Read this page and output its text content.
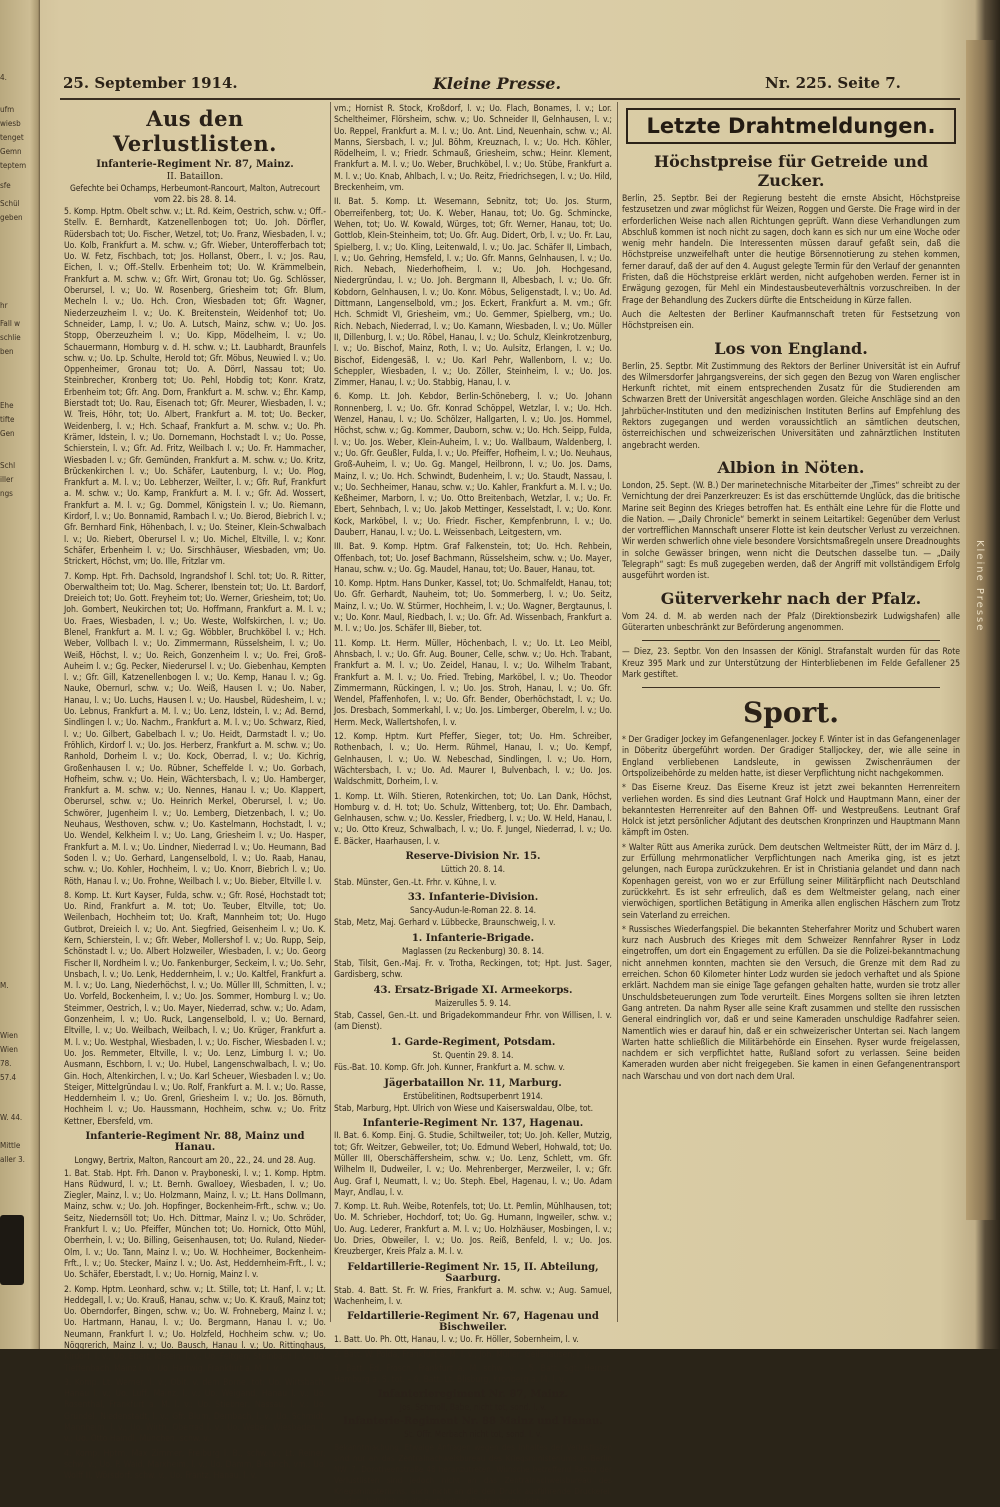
4.
ufm
wiesb
tenget
Gemn
teptem
sfe
Schül
geben
hr
Fall w
schlie
ben
Ehe
tifte
Gen
Schl
iller
ngs
M.
Wien
Wien
78.
57.4
W. 44.
Mittle
aller 3.
Kleine Presse
25. September 1914.	Kleine Presse.	Nr. 225. Seite 7.
Aus den Verlustlisten.
Infanterie-Regiment Nr. 87, Mainz.
II. Bataillon.
Gefechte bei Ochamps, Herbeumont-Rancourt, Malton, Autrecourt vom 22. bis 28. 8. 14.

5. Komp. Hptm. Obelt schw. v.; Lt. Rd. Keim, Oestrich, schw. v.; Off.-Stellv. E. Bernhardt, Katzenellenbogen tot; Uo. Joh. Dörfler, Rüdersbach tot; Uo. Fischer, Wetzel, tot; Uo. Franz, Wiesbaden, l. v.; Uo. Kolb, Frankfurt a. M. schw. v.; Gfr. Wieber, Unterofferbach tot; Uo. W. Fetz, Fischbach, tot; Jos. Hollanst, Oberr., l. v.; Jos. Rau, Eichen, l. v.; Off.-Stellv. Erbenheim tot; Uo. W. Krämmelbein, Frankfurt a. M. schw. v.; Gfr. Wirt, Gronau tot; Uo. Gg. Schlösser, Oberursel, l. v.; Uo. W. Rosenberg, Griesheim tot; Gfr. Blum, Mecheln l. v.; Uo. Hch. Cron, Wiesbaden tot; Gfr. Wagner, Niederzeuzheim l. v.; Uo. K. Breitenstein, Weidenhof tot; Uo. Schneider, Lamp, l. v.; Uo. A. Lutsch, Mainz, schw. v.; Uo. Jos. Stopp, Oberzeuzheim l. v.; Uo. Kipp, Mödelheim, l. v.; Uo. Schauermann, Homburg v. d. H. schw. v.; Lt. Laubhardt, Braunfels schw. v.; Uo. Lp. Schulte, Herold tot; Gfr. Möbus, Neuwied l. v.; Uo. Oppenheimer, Gronau tot; Uo. A. Dörrl, Nassau tot; Uo. Steinbrecher, Kronberg tot; Uo. Pehl, Hobdig tot; Konr. Kratz, Erbenheim tot; Gfr. Ang. Dorn, Frankfurt a. M. schw. v.; Ehr. Kamp, Bierstadt tot; Uo. Rau, Eisenach tot; Gfr. Meurer, Wiesbaden, l. v.; W. Treis, Höhr, tot; Uo. Albert, Frankfurt a. M. tot; Uo. Becker, Weidenberg, l. v.; Hch. Schaaf, Frankfurt a. M. schw. v.; Uo. Ph. Krämer, Idstein, l. v.; Uo. Dornemann, Hochstadt l. v.; Uo. Posse, Schierstein, l. v.; Gfr. Ad. Fritz, Weilbach l. v.; Uo. Fr. Hammacher, Wiesbaden l. v.; Gfr. Gemünden, Frankfurt a. M. schw. v.; Uo. Kritz, Brückenkirchen l. v.; Uo. Schäfer, Lautenburg, l. v.; Uo. Plog, Frankfurt a. M. l. v.; Uo. Lebherzer, Weilter, l. v.; Gfr. Ruf, Frankfurt a. M. schw. v.; Uo. Kamp, Frankfurt a. M. l. v.; Gfr. Ad. Wossert, Frankfurt a. M. l. v.; Gg. Dommel, Königstein l. v.; Uo. Riemann, Kirdorf, l. v.; Uo. Bonnamid, Rambach l. v.; Uo. Bierod, Biebrich l. v.; Gfr. Bernhard Fink, Höhenbach, l. v.; Uo. Steiner, Klein-Schwalbach l. v.; Uo. Riebert, Oberursel l. v.; Uo. Michel, Eltville, l. v.; Konr. Schäfer, Erbenheim l. v.; Uo. Sirschhäuser, Wiesbaden, vm; Uo. Strickert, Höchst, vm; Uo. Ille, Fritzlar vm.

7. Komp. Hpt. Frh. Dachsold, Ingrandshof l. Schl. tot; Uo. R. Ritter, Oberwaltheim tot; Uo. Mag. Scherer, Ibenstein tot; Uo. Lt. Bardorf, Dreieich tot; Uo. Gott. Freyheim tot; Uo. Werner, Griesheim, tot; Uo. Joh. Gombert, Neukirchen tot; Uo. Hoffmann, Frankfurt a. M. l. v.; Uo. Fraes, Wiesbaden, l. v.; Uo. Weste, Wolfskirchen, l. v.; Uo. Blenel, Frankfurt a. M. l. v.; Gg. Wöbbler, Bruchköbel l. v.; Hch. Weber, Vollbach l. v.; Uo. Zimmermann, Rüsselsheim, l. v.; Uo. Weiß, Höchst, l. v.; Uo. Reich, Gonzenheim l. v.; Uo. Frei, Groß-Auheim l. v.; Gg. Pecker, Niederursel l. v.; Uo. Giebenhau, Kempten l. v.; Gfr. Gill, Katzenellenbogen l. v.; Uo. Kemp, Hanau l. v.; Gg. Nauke, Obernurl, schw. v.; Uo. Weiß, Hausen l. v.; Uo. Naber, Hanau, l. v.; Uo. Luchs, Hausen l. v.; Uo. Hausbel, Rüdesheim, l. v.; Uo. Lebnus, Frankfurt a. M. l. v.; Uo. Lenz, Idstein, l. v.; Ad. Bernd, Sindlingen l. v.; Uo. Nachm., Frankfurt a. M. l. v.; Uo. Schwarz, Ried, l. v.; Uo. Gilbert, Gabelbach l. v.; Uo. Heidt, Darmstadt l. v.; Uo. Fröhlich, Kirdorf l. v.; Uo. Jos. Herberz, Frankfurt a. M. schw. v.; Uo. Ranhold, Dorheim l. v.; Uo. Kock, Oberrad, l. v.; Uo. Kichrig, Großenhausen l. v.; Uo. Rübner, Scheffelde l. v.; Uo. Gorbach, Hofheim, schw. v.; Uo. Hein, Wächtersbach, l. v.; Uo. Hamberger, Frankfurt a. M. schw. v.; Uo. Nennes, Hanau l. v.; Uo. Klappert, Oberursel, schw. v.; Uo. Heinrich Merkel, Oberursel, l. v.; Uo. Schwörer, Jugenheim l. v.; Uo. Lemberg, Dietzenbach, l. v.; Uo. Neuhaus, Westhoven, schw. v.; Uo. Kastelmann, Hochstadt, l. v.; Uo. Wendel, Kelkheim l. v.; Uo. Lang, Griesheim l. v.; Uo. Hasper, Frankfurt a. M. l. v.; Uo. Lindner, Niederrad l. v.; Uo. Heumann, Bad Soden l. v.; Uo. Gerhard, Langenselbold, l. v.; Uo. Raab, Hanau, schw. v.; Uo. Kohler, Hochheim, l. v.; Uo. Knorr, Biebrich l. v.; Uo. Röth, Hanau l. v.; Uo. Frohne, Weilbach l. v.; Uo. Bieber, Eltville l. v.

8. Komp. Lt. Kurt Kayser, Fulda, schw. v.; Gfr. Rosé, Hochstadt tot; Uo. Rind, Frankfurt a. M. tot; Uo. Teuber, Eltville, tot; Uo. Weilenbach, Hochheim tot; Uo. Kraft, Mannheim tot; Uo. Hugo Gutbrot, Dreieich l. v.; Uo. Ant. Siegfried, Geisenheim l. v.; Uo. K. Kern, Schierstein, l. v.; Gfr. Weber, Mollershof l. v.; Uo. Rupp, Seip, Schönstadt l. v.; Uo. Albert Holzweiler, Wiesbaden, l. v.; Uo. Georg Fischer II, Nordheim l. v.; Uo. Fankenburger, Seckeim, l. v.; Uo. Sehr, Unsbach, l. v.; Uo. Lenk, Heddernheim, l. v.; Uo. Kaltfel, Frankfurt a. M. l. v.; Uo. Lang, Niederhöchst, l. v.; Uo. Müller III, Schmitten, l. v.; Uo. Vorfeld, Bockenheim, l. v.; Uo. Jos. Sommer, Homburg l. v.; Uo. Steimmer, Oestrich, l. v.; Uo. Mayer, Niederrad, schw. v.; Uo. Adam, Gonzenheim, l. v.; Uo. Ruck, Langenselbold, l. v.; Uo. Bernard, Eltville, l. v.; Uo. Weilbach, Weilbach, l. v.; Uo. Krüger, Frankfurt a. M. l. v.; Uo. Westphal, Wiesbaden, l. v.; Uo. Fischer, Wiesbaden l. v.; Uo. Jos. Remmeter, Eltville, l. v.; Uo. Lenz, Limburg l. v.; Uo. Ausmann, Eschborn, l. v.; Uo. Hubel, Langenschwalbach, l. v.; Uo. Gin. Hoch, Altenkirchen, l. v.; Uo. Karl Scheuer, Wiesbaden l. v.; Uo. Steiger, Mittelgründau l. v.; Uo. Rolf, Frankfurt a. M. l. v.; Uo. Rasse, Heddernheim l. v.; Uo. Grenl, Griesheim l. v.; Uo. Jos. Börnuth, Hochheim l. v.; Uo. Haussmann, Hochheim, schw. v.; Uo. Fritz Kettner, Ebersfeld, vm.

Infanterie-Regiment Nr. 88, Mainz und Hanau.
Longwy, Bertrix, Malton, Rancourt am 20., 22., 24. und 28. Aug.

1. Bat. Stab. Hpt. Frh. Danon v. Prayboneski, l. v.; 1. Komp. Hptm. Hans Rüdwurd, l. v.; Lt. Bernh. Gwalloey, Wiesbaden, l. v.; Uo. Ziegler, Mainz, l. v.; Uo. Holzmann, Mainz, l. v.; Lt. Hans Dollmann, Mainz, schw. v.; Uo. Joh. Hopfinger, Bockenheim-Frft., schw. v.; Uo. Seitz, Niedernsöll tot; Uo. Hch. Dittmar, Mainz l. v.; Uo. Schröder, Frankfurt l. v.; Uo. Pfeiffer, München tot; Uo. Hornick, Otto Mühl, Oberrhein, l. v.; Uo. Billing, Geisenhausen, tot; Uo. Ruland, Nieder-Olm, l. v.; Uo. Tann, Mainz l. v.; Uo. W. Hochheimer, Bockenheim-Frft., l. v.; Uo. Stecker, Mainz l. v.; Uo. Ast, Heddernheim-Frft., l. v.; Uo. Schäfer, Eberstadt, l. v.; Uo. Hornig, Mainz l. v.

2. Komp. Hptm. Leonhard, schw. v.; Lt. Stille, tot; Lt. Hanf, l. v.; Lt. Heddegall, l. v.; Uo. Krauß, Hanau, schw. v.; Uo. K. Krauß, Mainz tot; Uo. Oberndorfer, Bingen, schw. v.; Uo. W. Frohneberg, Mainz l. v.; Uo. Hartmann, Hanau, l. v.; Uo. Bergmann, Hanau l. v.; Uo. Neumann, Frankfurt l. v.; Uo. Holzfeld, Hochheim schw. v.; Uo. Nöggrerich, Mainz l. v.; Uo. Bausch, Hanau l. v.; Uo. Rittinghaus, Kirdorf, l. v.; Uo. Ebert, Idstein, l. v.; Uo. Feltgen, Steinbach l. v.; Uo. Tieffenbach, Mainz l. v.; Uo. Hartwig, Frankfurt a. M. l. v.

3. Komp. Lt. Werner, l. v.; Oblt. v. dem Borne, tot; Uo. Wirtsbach, Hanau l. v.; Uo. Luff, Mainz, l. v.; Uo. Weigand, Hanau l. v.; Uo. Rosenthal, Frankfurt a. M. l. v.; Uo. Stiebner, Nassau, l. v.; Uo. Gründel, Niedenstadt, l. v.; Gfr. Blum, Dernbach, l. v.; Uo. Schmidt, Mannheim, l. v.; Uo. Wirth, Oberrad l. v.; Uo. Weber, Wiesbaden, l. v.; Uo. Otto Haindl, München, schw. v.

4. Komp. Hptm. Max Zimmer, Freiburg l. B., schw. v.; Lt. Reiner, schw. v.; Uo. P. Waid, Marxheim, l. v.; Uo. Damm, Biebrich, vm.; Uo. Wolff II, Wörsdorf, schw. v.; Uo. Frantz, Hanau, l. v.

vm.; Hornist R. Stock, Kroßdorf, l. v.; Uo. Flach, Bonames, l. v.; Lor. Scheltheimer, Flörsheim, schw. v.; Uo. Schneider II, Gelnhausen, l. v.; Uo. Reppel, Frankfurt a. M. l. v.; Uo. Ant. Lind, Neuenhain, schw. v.; Al. Manns, Siersbach, l. v.; Jul. Böhm, Kreuznach, l. v.; Uo. Hch. Köhler, Rödelheim, l. v.; Friedr. Schmauß, Griesheim, schw.; Heinr. Klement, Frankfurt a. M. l. v.; Uo. Weber, Bruchköbel, l. v.; Uo. Stübe, Frankfurt a. M. l. v.; Uo. Knab, Ahlbach, l. v.; Uo. Reitz, Friedrichsegen, l. v.; Uo. Hild, Breckenheim, vm.

II. Bat. 5. Komp. Lt. Wesemann, Sebnitz, tot; Uo. Jos. Sturm, Oberreifenberg, tot; Uo. K. Weber, Hanau, tot; Uo. Gg. Schmincke, Wehen, tot; Uo. W. Kowald, Würges, tot; Gfr. Werner, Hanau, tot; Uo. Gottlob, Klein-Steinheim, tot; Uo. Gfr. Aug. Didert, Orb, l. v.; Uo. Fr. Lau, Spielberg, l. v.; Uo. Kling, Leitenwald, l. v.; Uo. Jac. Schäfer II, Limbach, l. v.; Uo. Gehring, Hemsfeld, l. v.; Uo. Gfr. Manns, Gelnhausen, l. v.; Uo. Rich. Nebach, Niederhofheim, l. v.; Uo. Joh. Hochgesand, Niedergründau, l. v.; Uo. Joh. Bergmann II, Albesbach, l. v.; Uo. Gfr. Kobdorn, Gelnhausen, l. v.; Uo. Konr. Möbus, Seligenstadt, l. v.; Uo. Ad. Dittmann, Langenselbold, vm.; Jos. Eckert, Frankfurt a. M. vm.; Gfr. Hch. Schmidt VI, Griesheim, vm.; Uo. Gemmer, Spielberg, vm.; Uo. Rich. Nebach, Niederrad, l. v.; Uo. Kamann, Wiesbaden, l. v.; Uo. Müller II, Dillenburg, l. v.; Uo. Röbel, Hanau, l. v.; Uo. Schulz, Kleinkrotzenburg, l. v.; Uo. Bischof, Mainz, Roth, l. v.; Uo. Aulsitz, Erlangen, l. v.; Uo. Bischof, Eidengesäß, l. v.; Uo. Karl Pehr, Wallenborn, l. v.; Uo. Scheppler, Wiesbaden, l. v.; Uo. Zöller, Steinheim, l. v.; Uo. Jos. Zimmer, Hanau, l. v.; Uo. Stabbig, Hanau, l. v.

6. Komp. Lt. Joh. Kebdor, Berlin-Schöneberg, l. v.; Uo. Johann Ronnenberg, l. v.; Uo. Gfr. Konrad Schöppel, Wetzlar, l. v.; Uo. Hch. Wenzel, Hanau, l. v.; Uo. Schölzer, Hallgarten, l. v.; Uo. Jos. Hommel, Höchst, schw. v.; Gg. Kommer, Dauborn, schw. v.; Uo. Hch. Seipp, Fulda, l. v.; Uo. Jos. Weber, Klein-Auheim, l. v.; Uo. Wallbaum, Waldenberg, l. v.; Uo. Gfr. Geußler, Fulda, l. v.; Uo. Pfeiffer, Hofheim, l. v.; Uo. Neuhaus, Groß-Auheim, l. v.; Uo. Gg. Mangel, Heilbronn, l. v.; Uo. Jos. Dams, Mainz, l. v.; Uo. Hch. Schwindt, Budenheim, l. v.; Uo. Staudt, Nassau, l. v.; Uo. Sechheimer, Hanau, schw. v.; Uo. Kahler, Frankfurt a. M. l. v.; Uo. Keßheimer, Marborn, l. v.; Uo. Otto Breitenbach, Wetzlar, l. v.; Uo. Fr. Ebert, Sehnbach, l. v.; Uo. Jakob Mettinger, Kesselstadt, l. v.; Uo. Konr. Kock, Marköbel, l. v.; Uo. Friedr. Fischer, Kempfenbrunn, l. v.; Uo. Dauberr, Hanau, l. v.; Uo. L. Weissenbach, Leitgestern, vm.

III. Bat. 9. Komp. Hptm. Graf Falkenstein, tot; Uo. Hch. Rehbein, Offenbach, tot; Uo. Josef Bachmann, Rüsselsheim, schw. v.; Uo. Mayer, Hanau, schw. v.; Uo. Gg. Maudel, Hanau, tot; Uo. Bauer, Hanau, tot.

10. Komp. Hptm. Hans Dunker, Kassel, tot; Uo. Schmalfeldt, Hanau, tot; Uo. Gfr. Gerhardt, Nauheim, tot; Uo. Sommerberg, l. v.; Uo. Seitz, Mainz, l. v.; Uo. W. Stürmer, Hochheim, l. v.; Uo. Wagner, Bergtaunus, l. v.; Uo. Konr. Maul, Riedbach, l. v.; Uo. Gfr. Ad. Wissenbach, Frankfurt a. M. l. v.; Uo. Jos. Schäfer III, Bieber, tot.

11. Komp. Lt. Herm. Müller, Höchenbach, l. v.; Uo. Lt. Leo Meibl, Ahnsbach, l. v.; Uo. Gfr. Aug. Bouner, Celle, schw. v.; Uo. Hch. Trabant, Frankfurt a. M. l. v.; Uo. Zeidel, Hanau, l. v.; Uo. Wilhelm Trabant, Frankfurt a. M. l. v.; Uo. Fried. Trebing, Marköbel, l. v.; Uo. Theodor Zimmermann, Rückingen, l. v.; Uo. Jos. Stroh, Hanau, l. v.; Uo. Gfr. Wendel, Pfaffenhofen, l. v.; Uo. Gfr. Bender, Oberhöchstadt, l. v.; Uo. Jos. Dresbach, Sommerkahl, l. v.; Uo. Jos. Limberger, Oberelm, l. v.; Uo. Herm. Meck, Wallertshofen, l. v.

12. Komp. Hptm. Kurt Pfeffer, Sieger, tot; Uo. Hm. Schreiber, Rothenbach, l. v.; Uo. Herm. Rühmel, Hanau, l. v.; Uo. Kempf, Gelnhausen, l. v.; Uo. W. Nebeschad, Sindlingen, l. v.; Uo. Horn, Wächtersbach, l. v.; Uo. Ad. Maurer I, Bulvenbach, l. v.; Uo. Jos. Waldschmitt, Dorheim, l. v.

1. Komp. Lt. Wilh. Stieren, Rotenkirchen, tot; Uo. Lan Dank, Höchst, Homburg v. d. H. tot; Uo. Schulz, Wittenberg, tot; Uo. Ehr. Dambach, Gelnhausen, schw. v.; Uo. Kessler, Friedberg, l. v.; Uo. W. Held, Hanau, l. v.; Uo. Otto Kreuz, Schwalbach, l. v.; Uo. F. Jungel, Niederrad, l. v.; Uo. E. Bäcker, Haarhausen, l. v.

Reserve-Division Nr. 15.
Lüttich 20. 8. 14.

Stab. Münster, Gen.-Lt. Frhr. v. Kühne, l. v.

33. Infanterie-Division.
Sancy-Audun-le-Roman 22. 8. 14.

Stab, Metz, Maj. Gerhard v. Lübbecke, Braunschweig, l. v.

1. Infanterie-Brigade.
Maglassen (zu Reckenburg) 30. 8. 14.

Stab, Tilsit, Gen.-Maj. Fr. v. Trotha, Reckingen, tot; Hpt. Just. Sager, Gardisberg, schw.

43. Ersatz-Brigade XI. Armeekorps.
Maizerulles 5. 9. 14.

Stab, Cassel, Gen.-Lt. und Brigadekommandeur Frhr. von Willisen, l. v. (am Dienst).

1. Garde-Regiment, Potsdam.
St. Quentin 29. 8. 14.

Füs.-Bat. 10. Komp. Gfr. Joh. Kunner, Frankfurt a. M. schw. v.

Jägerbataillon Nr. 11, Marburg.
Erstübelitinen, Rodtsuperbenrt 1914.

Stab, Marburg, Hpt. Ulrich von Wiese und Kaiserswaldau, Olbe, tot.

Infanterie-Regiment Nr. 137, Hagenau.

II. Bat. 6. Komp. Einj. G. Studie, Schiltweiler, tot; Uo. Joh. Keller, Mutzig, tot; Gfr. Weitzer, Gebweiler, tot; Uo. Edmund Weberl, Hohwald, tot; Uo. Müller III, Oberschäffersheim, schw. v.; Uo. Lenz, Schlett, vm. Gfr. Wilhelm II, Dudweiler, l. v.; Uo. Mehrenberger, Merzweiler, l. v.; Gfr. Aug. Graf I, Neumatt, l. v.; Uo. Steph. Ebel, Hagenau, l. v.; Uo. Adam Mayr, Andlau, l. v.

7. Komp. Lt. Ruh. Weibe, Rotenfels, tot; Uo. Lt. Pemlin, Mühlhausen, tot; Uo. M. Schrieber, Hochdorf, tot; Uo. Gg. Humann, Ingweiler, schw. v.; Uo. Aug. Lederer, Frankfurt a. M. l. v.; Uo. Holzhäuser, Mosbingen, l. v.; Uo. Dries, Obweiler, l. v.; Uo. Jos. Reiß, Benfeld, l. v.; Uo. Jos. Kreuzberger, Kreis Pfalz a. M. l. v.

Feldartillerie-Regiment Nr. 15, II. Abteilung, Saarburg.

Stab. 4. Batt. St. Fr. W. Fries, Frankfurt a. M. schw. v.; Aug. Samuel, Wachenheim, l. v.

Feldartillerie-Regiment Nr. 67, Hagenau und Bischweiler.

1. Batt. Uo. Ph. Ott, Hanau, l. v.; Uo. Fr. Höller, Sobernheim, l. v.

2. Batt. W. Polda, Frankfurt a. M. l. v.; Joh. Müller, Geilshausen, l. v.

3. Batt. Ed. Frosch, Frankfurt a. M. schw. v. – 5. Batt. Sgt. Hernst, Hamburg a. S. tot. – 6. Batt. Lt. Blisburg, Kronberg a. M. l. v.

Infanterieregiment Nr. 87, Mainz.
Jos. Schmoll, Babe, nicht tot, sond. l. v.
Infanterie-Regiment Nr. 88 Mainz und Hanau.
St. Offr. Merbach nicht tot, sond. l. v.

Bekanntmachung. Etwaige Anfragen wegen des Inhaltes der Verlustlisten sind nur an das Zentralnachweisbureau des Kriegsministeriums in Berlin NW. 7, Dorotheenstraße 48 heranzutreten. Wünsche betreffend Bezug der Verlustlisten sind jedoch nicht an das Zentralnachweisbureau des Kriegsministeriums, auch nicht an die den Druck ausführende Druckerei, sondern lediglich an die zuständigen Postämter zu richten.

Letzte Drahtmeldungen.
Höchstpreise für Getreide und Zucker.

Berlin, 25. Septbr. Bei der Regierung besteht die ernste Absicht, Höchstpreise festzusetzen und zwar möglichst für Weizen, Roggen und Gerste. Die Frage wird in der erforderlichen Weise nach allen Richtungen geprüft. Wann diese Verhandlungen zum Abschluß kommen ist noch nicht zu sagen, doch kann es sich nur um eine Woche oder wenig mehr handeln. Die Interessenten müssen darauf gefaßt sein, daß die Höchstpreise unzweifelhaft unter die heutige Börsennotierung zu stehen kommen, ferner darauf, daß der auf den 4. August gelegte Termin für den Verlauf der genannten Fristen, daß die Höchstpreise erklärt werden, nicht aufgehoben werden. Ferner ist in Erwägung gezogen, für Mehl ein Mindestausbeuteverhältnis vorzuschreiben. In der Frage der Behandlung des Zuckers dürfte die Entscheidung in Kürze fallen.

Auch die Aeltesten der Berliner Kaufmannschaft treten für Festsetzung von Höchstpreisen ein.

Los von England.

Berlin, 25. Septbr. Mit Zustimmung des Rektors der Berliner Universität ist ein Aufruf des Wilmersdorfer Jahrgangsvereins, der sich gegen den Bezug von Waren englischer Herkunft richtet, mit einem entsprechenden Zusatz für die Studierenden am Schwarzen Brett der Universität angeschlagen worden. Gleiche Anschläge sind an den Jahrbücher-Instituten und den medizinischen Instituten Berlins auf Empfehlung des Rektors zugegangen und werden voraussichtlich an sämtlichen deutschen, österreichischen und schweizerischen Universitäten und zahnärztlichen Instituten angebracht werden.

Albion in Nöten.

London, 25. Sept. (W. B.) Der marinetechnische Mitarbeiter der „Times“ schreibt zu der Vernichtung der drei Panzerkreuzer: Es ist das erschütternde Unglück, das die britische Marine seit Beginn des Krieges betroffen hat. Es enthält eine Lehre für die Flotte und die Nation. — „Daily Chronicle“ bemerkt in seinem Leitartikel: Gegenüber dem Verlust der vortrefflichen Mannschaft unserer Flotte ist kein deutscher Verlust zu verzeichnen. Wir werden schwerlich ohne viele besondere Vorsichtsmaßregeln unsere Dreadnoughts in solche Gewässer bringen, wenn nicht die Deutschen dasselbe tun. — „Daily Telegraph“ sagt: Es muß zugegeben werden, daß der Angriff mit vollständigem Erfolg ausgeführt worden ist.

Güterverkehr nach der Pfalz.

Vom 24. d. M. ab werden nach der Pfalz (Direktionsbezirk Ludwigshafen) alle Güterarten unbeschränkt zur Beförderung angenommen.

— Diez, 23. Septbr. Von den Insassen der Königl. Strafanstalt wurden für das Rote Kreuz 395 Mark und zur Unterstützung der Hinterbliebenen im Felde Gefallener 25 Mark gestiftet.

Sport.

* Der Gradiger Jockey im Gefangenenlager. Jockey F. Winter ist in das Gefangenenlager in Döberitz übergeführt worden. Der Gradiger Stalljockey, der, wie alle seine in England verbliebenen Landsleute, in gewissen Zwischenräumen der Ortspolizeibehörde zu melden hatte, ist dieser Verpflichtung nicht nachgekommen.

* Das Eiserne Kreuz. Das Eiserne Kreuz ist jetzt zwei bekannten Herrenreitern verliehen worden. Es sind dies Leutnant Graf Holck und Hauptmann Mann, einer der bekanntesten Herrenreiter auf den Bahnen Off- und Westpreußens. Leutnant Graf Holck ist jetzt persönlicher Adjutant des deutschen Kronprinzen und Hauptmann Mann kämpft im Osten.

* Walter Rütt aus Amerika zurück. Dem deutschen Weltmeister Rütt, der im März d. J. zur Erfüllung mehrmonatlicher Verpflichtungen nach Amerika ging, ist es jetzt gelungen, nach Europa zurückzukehren. Er ist in Christiania gelandet und dann nach Kopenhagen gereist, von wo er zur Erfüllung seiner Militärpflicht nach Deutschland zurückkehrt. Es ist sehr erfreulich, daß es dem Weltmeister gelang, nach einer vierwöchigen, sportlichen Betätigung in Amerika allen englischen Häschern zum Trotz sein Vaterland zu erreichen.

* Russisches Wiederfangspiel. Die bekannten Steherfahrer Moritz und Schubert waren kurz nach Ausbruch des Krieges mit dem Schweizer Rennfahrer Ryser in Lodz eingetroffen, um dort ein Engagement zu erfüllen. Da sie die Polizei-bekanntmachung nicht annehmen konnten, machten sie den Versuch, die Grenze mit dem Rad zu erreichen. Schon 60 Kilometer hinter Lodz wurden sie jedoch verhaftet und als Spione erklärt. Nachdem man sie einige Tage gefangen gehalten hatte, wurden sie trotz aller Unschuldsbeteuerungen zum Tode verurteilt. Eines Morgens sollten sie ihren letzten Gang antreten. Da nahm Ryser alle seine Kraft zusammen und stellte den russischen General eindringlich vor, daß er und seine Kameraden unschuldige Radfahrer seien. Namentlich wies er darauf hin, daß er ein schweizerischer Untertan sei. Nach langem Warten hatte schließlich die Militärbehörde ein Einsehen. Ryser wurde freigelassen, nachdem er sich verpflichtet hatte, Rußland sofort zu verlassen. Seine beiden Kameraden wurden aber nicht freigegeben. Sie kamen in einen Gefangenentransport nach Warschau und von dort nach dem Ural.
